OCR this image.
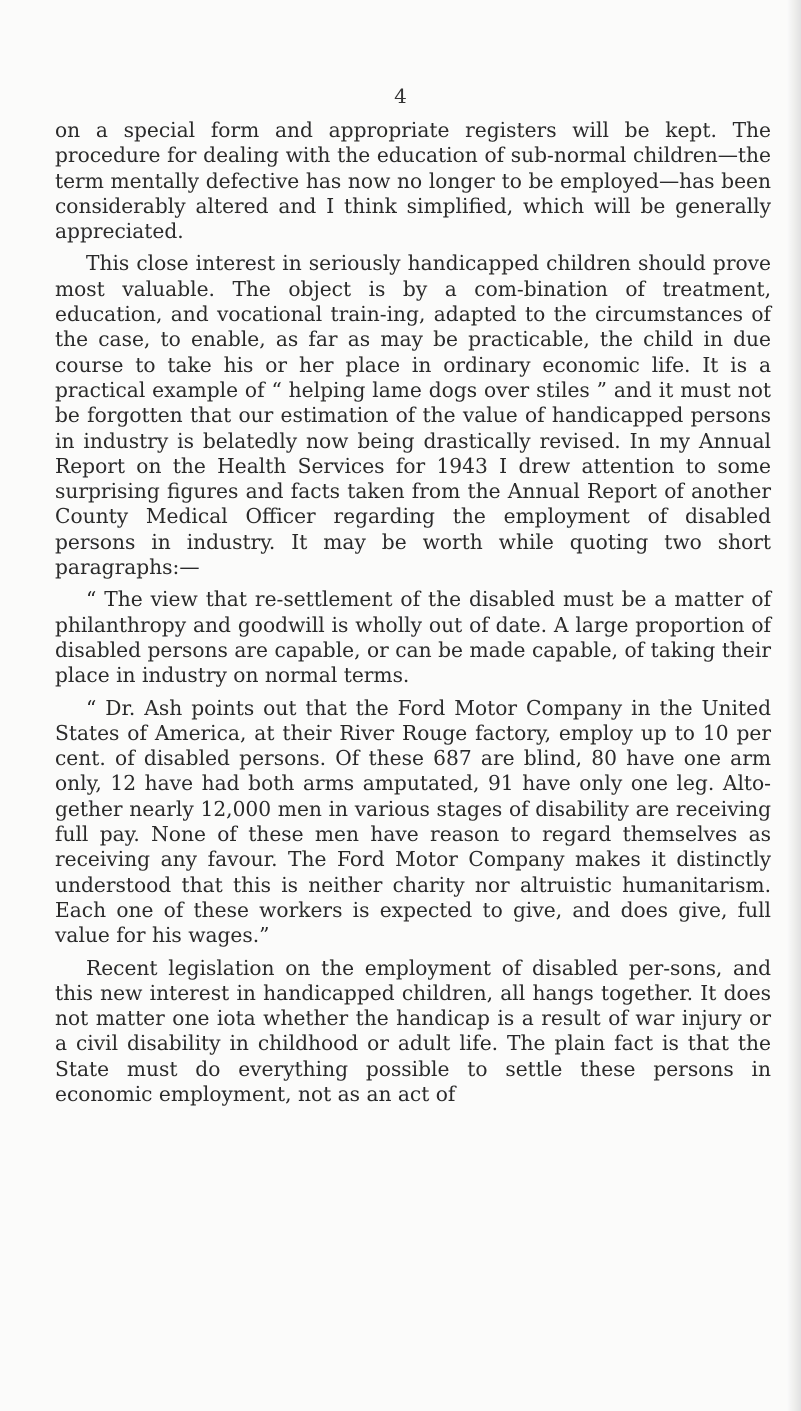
4

on a special form and appropriate registers will be kept. The procedure for dealing with the education of sub-normal children—the term mentally defective has now no longer to be employed—has been considerably altered and I think simplified, which will be generally appreciated.

This close interest in seriously handicapped children should prove most valuable. The object is by a com-bination of treatment, education, and vocational train-ing, adapted to the circumstances of the case, to enable, as far as may be practicable, the child in due course to take his or her place in ordinary economic life. It is a practical example of “ helping lame dogs over stiles ” and it must not be forgotten that our estimation of the value of handicapped persons in industry is belatedly now being drastically revised. In my Annual Report on the Health Services for 1943 I drew attention to some surprising figures and facts taken from the Annual Report of another County Medical Officer regarding the employment of disabled persons in industry. It may be worth while quoting two short paragraphs:—

“ The view that re-settlement of the disabled must be a matter of philanthropy and goodwill is wholly out of date. A large proportion of disabled persons are capable, or can be made capable, of taking their place in industry on normal terms.

“ Dr. Ash points out that the Ford Motor Company in the United States of America, at their River Rouge factory, employ up to 10 per cent. of disabled persons. Of these 687 are blind, 80 have one arm only, 12 have had both arms amputated, 91 have only one leg. Alto-gether nearly 12,000 men in various stages of disability are receiving full pay. None of these men have reason to regard themselves as receiving any favour. The Ford Motor Company makes it distinctly understood that this is neither charity nor altruistic humanitarism. Each one of these workers is expected to give, and does give, full value for his wages.”

Recent legislation on the employment of disabled per-sons, and this new interest in handicapped children, all hangs together. It does not matter one iota whether the handicap is a result of war injury or a civil disability in childhood or adult life. The plain fact is that the State must do everything possible to settle these persons in economic employment, not as an act of
